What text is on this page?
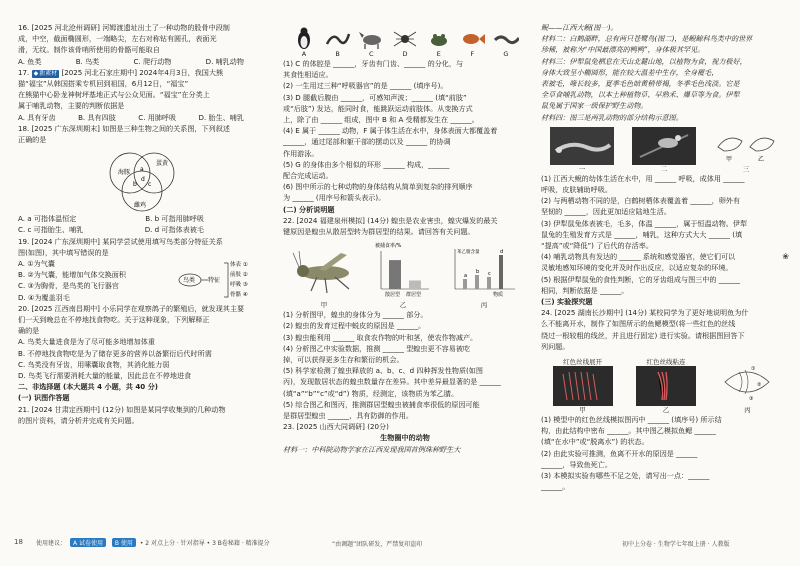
16. [2025 河北沧州调研] 河姆渡遗址出土了一种动物的股骨中段制

成，中空，截面椭圆形，一端略尖，左右对称钻有圆孔，表面光

滑，无纹。制作该骨哨所使用的骨骼可能取自

A. 鱼类	B. 鸟类	C. 爬行动物	D. 哺乳动物

17. ◆ 新素材 [2025 河北石家庄期中] 2024年4月3日，我国大熊

猫“福宝”从韩国搭乘专机回到祖国，6月12日，“福宝”

在熊猫中心卧龙神树坪基地正式与公众见面。“福宝”在分类上

属于哺乳动物，主要的判断依据是

A. 具有牙齿	B. 具有四肢	C. 用肺呼吸	D. 胎生、哺乳

18. [2025 广东深圳期末] 如图是三种生物之间的关系图，下列叙述

正确的是

海豚
蛋黄
雌鸡
a
b c
d
A. a 可指体温恒定	B. b 可指用肺呼吸
C. c 可指胎生、哺乳	D. d 可指体表被毛

19. [2024 广东深圳期中] 某同学尝试使用填写鸟类部分特征关系

图(如图)，其中填写错误的是

A. ①为气囊

B. ②为气囊，能增加气体交换面积

C. ③为胸骨，是鸟类的飞行器官

D. ④为覆盖羽毛

鸟类 特征
体表 ①
前肢 ②
呼吸 ③
骨骼 ④

20. [2025 江西南昌期中] 小乐同学在观察鸽子的繁殖后，就发现其主要

们一天到晚总在不停地找食物吃。关于这种现象，下列解释正

确的是

A. 鸟类大量进食是为了尽可能多地增加体重

B. 不停地找食物吃是为了储存更多的营养以备繁衍后代时所需

C. 鸟类没有牙齿，用嗉囊取食物，其消化能力弱

D. 鸟类飞行需要消耗大量的能量，因此总在不停地进食

二、非选择题 (本大题共 4 小题，共 40 分)

(一) 识图作答题

21. [2024 甘肃定西期中] (12分) 如图是某同学收集到的几种动物

的图片资料，请分析并完成有关问题。

A	B	C	D	E	F	G

(1) C 的体腔是 ______，牙齿有门齿、______ 的分化，与

其食性相适应。

(2) 一生用过三种“呼吸器官”的是 ______ (填序号)。

(3) D 腿截后腹由 ______，可感知声波；______ (填“前肢”

或“后肢”) 发达，能同时食，能跳跃运动前肢体。从变换方式

上，除了由 ______ 组成，图中 B 和 A 受精都发生在 ______。

(4) E 属于 ______ 动物，F 属于体生活在水中，身体表面大都覆盖着

______，通过尾部和躯干部的摆动以及 ______ 的协调

作用游泳。

(5) G 的身体由多个相似的环形 ______ 构成，______

配合完成运动。

(6) 图中所示的七种动物的身体结构从简单到复杂的排列顺序

为 ______ (用序号和箭头表示)。

(二) 分析说明题

22. [2024 福建泉州模拟] (14分) 蝗虫是农业害虫，蝗灾爆发的最关

键原因是蝗虫从散居型转为群居型的结果。请回答有关问题。

甲
被捕食率/%
散居型 群居型
乙
a
b c
d
物质
苯乙腈含量
丙

(1) 分析图甲，蝗虫的身体分为 ______ 部分。

(2) 蝗虫的发育过程中蜕皮的原因是 ______。

(3) 蝗虫能利用 ______ 取食农作物的叶和茎，使农作物减产。

(4) 分析图乙中实验数据，推测 ______ 型蝗虫更不容易被吃

掉，可以获得更多生存和繁衍的机会。

(5) 科学家检测了蝗虫释放的 a、b、c、d 四种挥发性物质(如图

丙)，发现散居状态的蝗虫数量存在差异。其中差异最显著的是 ______

(填“a”“b”“c”或“d”) 物质，经测定，该物质为苯乙腈。

(5) 综合图乙和图丙，推测群居型蝗虫被捕食率很低的原因可能

是群居型蝗虫 ______，具有防御的作用。

23. [2025 山西大同调研] (20分)

生物圈中的动物

材料一：中科院动物学家在江西发现我国首例珠种野生大

鲵——江西大鲵(图一)。

材料二：白鹤湖畔，总有两只苍鹭鸟(图二)，是鲵鲸科鸟类中的世界

珍稀，被称为“中国最漂亮的鸭鸭”，身体极其罕见。

材料三：伊犁鼠兔栖息在天山北麓山地，以植物为食，视力极好，

身体大致呈小椭圆形，能在较大温差中生存，全身覆毛，

表被毛，喙长较多，夏季毛色暗黄稍带褐，冬季毛色浅淡。它是

全草食哺乳动物，以本土种植物草、早熟禾、爆草等为食。伊犁

鼠兔属于国家一级保护野生动物。

材料四：图三是两乳动物的部分结构示意图。

一	二
甲	乙
三

(1) 江西大鲵的幼体生活在水中，用 ______ 呼吸，成体用 ______

呼吸，皮肤辅助呼吸。

(2) 与两栖动物不同的是，白鹤树栖体表覆盖着 ______，卵外有

坚韧的 ______，因此更加适应陆地生活。

(3) 伊犁鼠兔体表被毛，毛多，体温 ______，属于恒温动物。伊犁

鼠兔的生殖发育方式是 ______，哺乳，这种方式大大 ______ (填

“提高”或“降低”) 了后代的存活率。

(4) 哺乳动物具有发达的 ______ 系统和感觉器官，使它们可以

灵敏地感知环境的变化并及时作出反应，以适应复杂的环境。

(5) 根据伊犁鼠兔的食性判断，它的牙齿组成与图三中的 ______

相同，判断依据是 ______。

(三) 实验探究题

24. [2025 湖南长沙期中] (14分) 某校同学为了更好地说明鱼为什

么不能离开水，制作了如图所示的鱼鳃模型(将一些红色的丝线

绕过一根较粗的线丝，并且进行固定) 进行实验。请根据图回答下

列问题。

红色丝线展开
甲
红色丝线粘连
乙
①
②
③
丙

(1) 模型中的红色丝线模拟图丙中 ______ (填序号) 所示结

构，由此结构中密布 ______。其中图乙模拟鱼鳃 ______

(填“在水中”或“脱离水”) 的状态。

(2) 由此实验可推测，鱼离不开水的原因是 ______

______，导致鱼死亡。

(3) 本模拟实验有哪些不足之处，请写出一点：______

______。

❀
18 使用建议： A 试卷使用 B 使用 • 2 对点上分 · 针对指导 • 3 B卷秘籍 · 精准提分	“由调题”团队研发，严禁复印盗印	初中上分卷 · 生物学七年级上册 · 人教版
